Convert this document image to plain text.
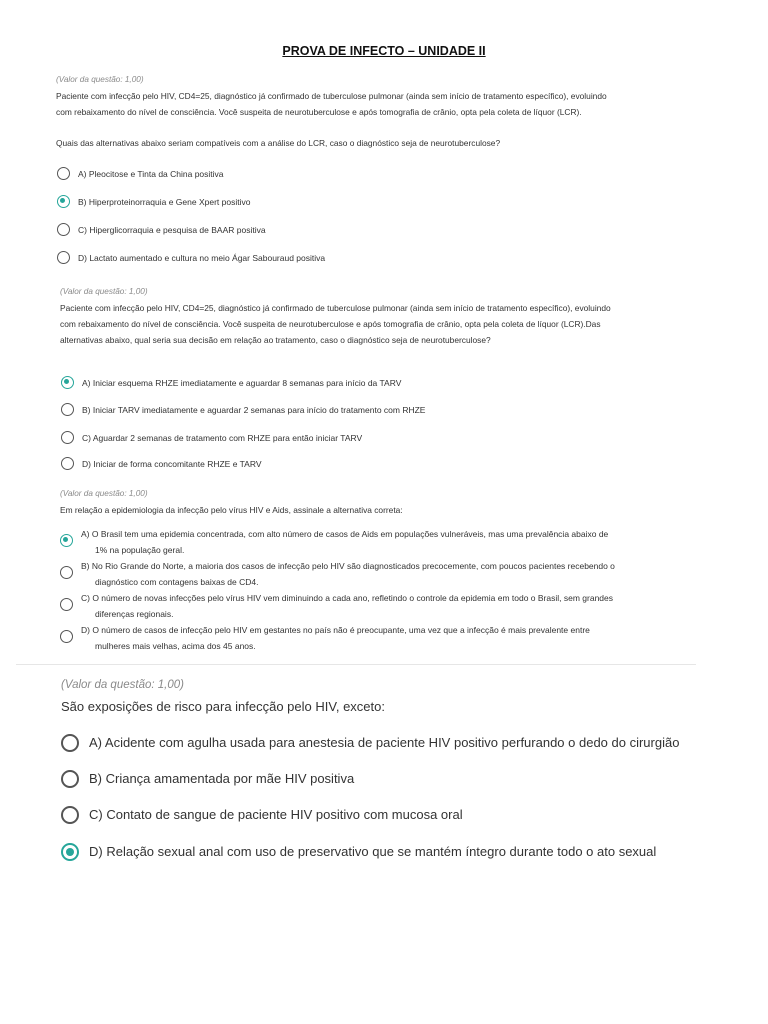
PROVA DE INFECTO – UNIDADE II
(Valor da questão: 1,00)
Paciente com infecção pelo HIV, CD4=25, diagnóstico já confirmado de tuberculose pulmonar (ainda sem início de tratamento específico), evoluindo
com rebaixamento do nível de consciência. Você suspeita de neurotuberculose e após tomografia de crânio, opta pela coleta de líquor (LCR).
Quais das alternativas abaixo seriam compatíveis com a análise do LCR, caso o diagnóstico seja de neurotuberculose?
A) Pleocitose e Tinta da China positiva
B) Hiperproteinorraquia e Gene Xpert positivo
C) Hiperglicorraquia e pesquisa de BAAR positiva
D) Lactato aumentado e cultura no meio Ágar Sabouraud positiva
(Valor da questão: 1,00)
Paciente com infecção pelo HIV, CD4=25, diagnóstico já confirmado de tuberculose pulmonar (ainda sem início de tratamento específico), evoluindo
com rebaixamento do nível de consciência. Você suspeita de neurotuberculose e após tomografia de crânio, opta pela coleta de líquor (LCR).Das
alternativas abaixo, qual seria sua decisão em relação ao tratamento, caso o diagnóstico seja de neurotuberculose?
A) Iniciar esquema RHZE imediatamente e aguardar 8 semanas para início da TARV
B) Iniciar TARV imediatamente e aguardar 2 semanas para início do tratamento com RHZE
C) Aguardar 2 semanas de tratamento com RHZE para então iniciar TARV
D) Iniciar de forma concomitante RHZE e TARV
(Valor da questão: 1,00)
Em relação a epidemiologia da infecção pelo vírus HIV e Aids, assinale a alternativa correta:
A) O Brasil tem uma epidemia concentrada, com alto número de casos de Aids em populações vulneráveis, mas uma prevalência abaixo de
1% na população geral.
B) No Rio Grande do Norte, a maioria dos casos de infecção pelo HIV são diagnosticados precocemente, com poucos pacientes recebendo o
diagnóstico com contagens baixas de CD4.
C) O número de novas infecções pelo vírus HIV vem diminuindo a cada ano, refletindo o controle da epidemia em todo o Brasil, sem grandes
diferenças regionais.
D) O número de casos de infecção pelo HIV em gestantes no país não é preocupante, uma vez que a infecção é mais prevalente entre
mulheres mais velhas, acima dos 45 anos.
(Valor da questão: 1,00)
São exposições de risco para infecção pelo HIV, exceto:
A) Acidente com agulha usada para anestesia de paciente HIV positivo perfurando o dedo do cirurgião
B) Criança amamentada por mãe HIV positiva
C) Contato de sangue de paciente HIV positivo com mucosa oral
D) Relação sexual anal com uso de preservativo que se mantém íntegro durante todo o ato sexual
